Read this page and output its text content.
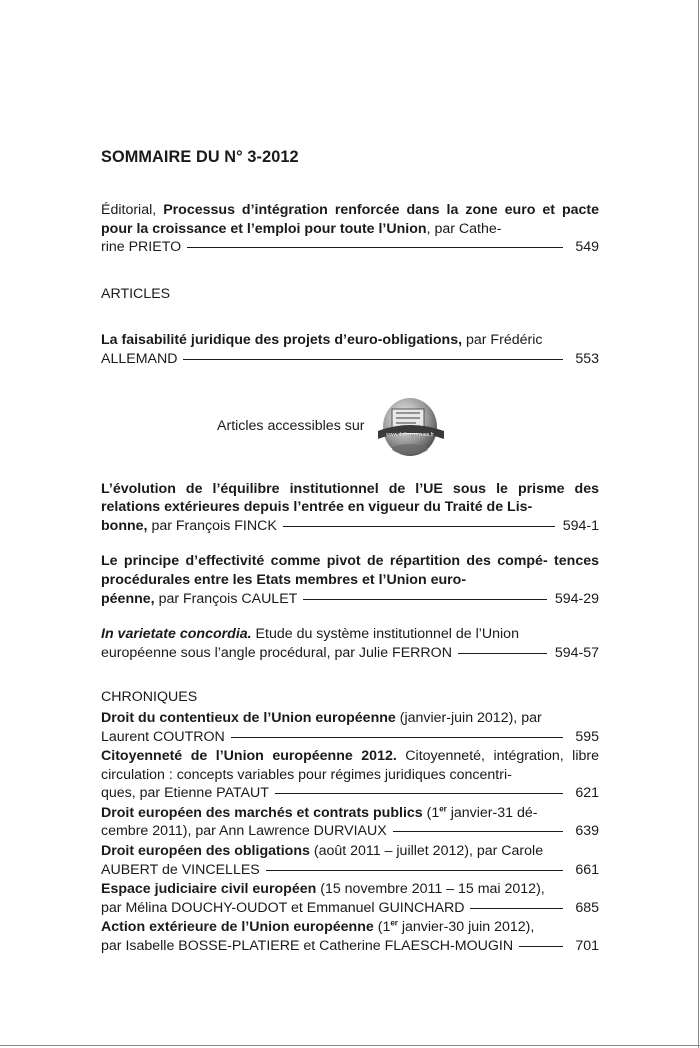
SOMMAIRE DU N° 3-2012

Éditorial, Processus d’intégration renforcée dans la zone euro et pacte pour la croissance et l’emploi pour toute l’Union, par Cathe-

rine PRIETO	549
ARTICLES

La faisabilité juridique des projets d’euro-obligations, par Frédéric

ALLEMAND	553
Articles accessibles sur
www.dalloz-revues.fr

L’évolution de l’équilibre institutionnel de l’UE sous le prisme des relations extérieures depuis l’entrée en vigueur du Traité de Lis-

bonne, par François FINCK	594-1

Le principe d’effectivité comme pivot de répartition des compé- tences procédurales entre les Etats membres et l’Union euro-

péenne, par François CAULET	594-29

In varietate concordia. Etude du système institutionnel de l’Union

européenne sous l’angle procédural, par Julie FERRON	594-57
CHRONIQUES

Droit du contentieux de l’Union européenne (janvier-juin 2012), par

Laurent COUTRON	595

Citoyenneté de l’Union européenne 2012. Citoyenneté, intégration, libre circulation : concepts variables pour régimes juridiques concentri-

ques, par Etienne PATAUT	621

Droit européen des marchés et contrats publics (1er janvier-31 dé-

cembre 2011), par Ann Lawrence DURVIAUX	639

Droit européen des obligations (août 2011 – juillet 2012), par Carole

AUBERT de VINCELLES	661

Espace judiciaire civil européen (15 novembre 2011 – 15 mai 2012),

par Mélina DOUCHY-OUDOT et Emmanuel GUINCHARD	685

Action extérieure de l’Union européenne (1er janvier-30 juin 2012),

par Isabelle BOSSE-PLATIERE et Catherine FLAESCH-MOUGIN	701
